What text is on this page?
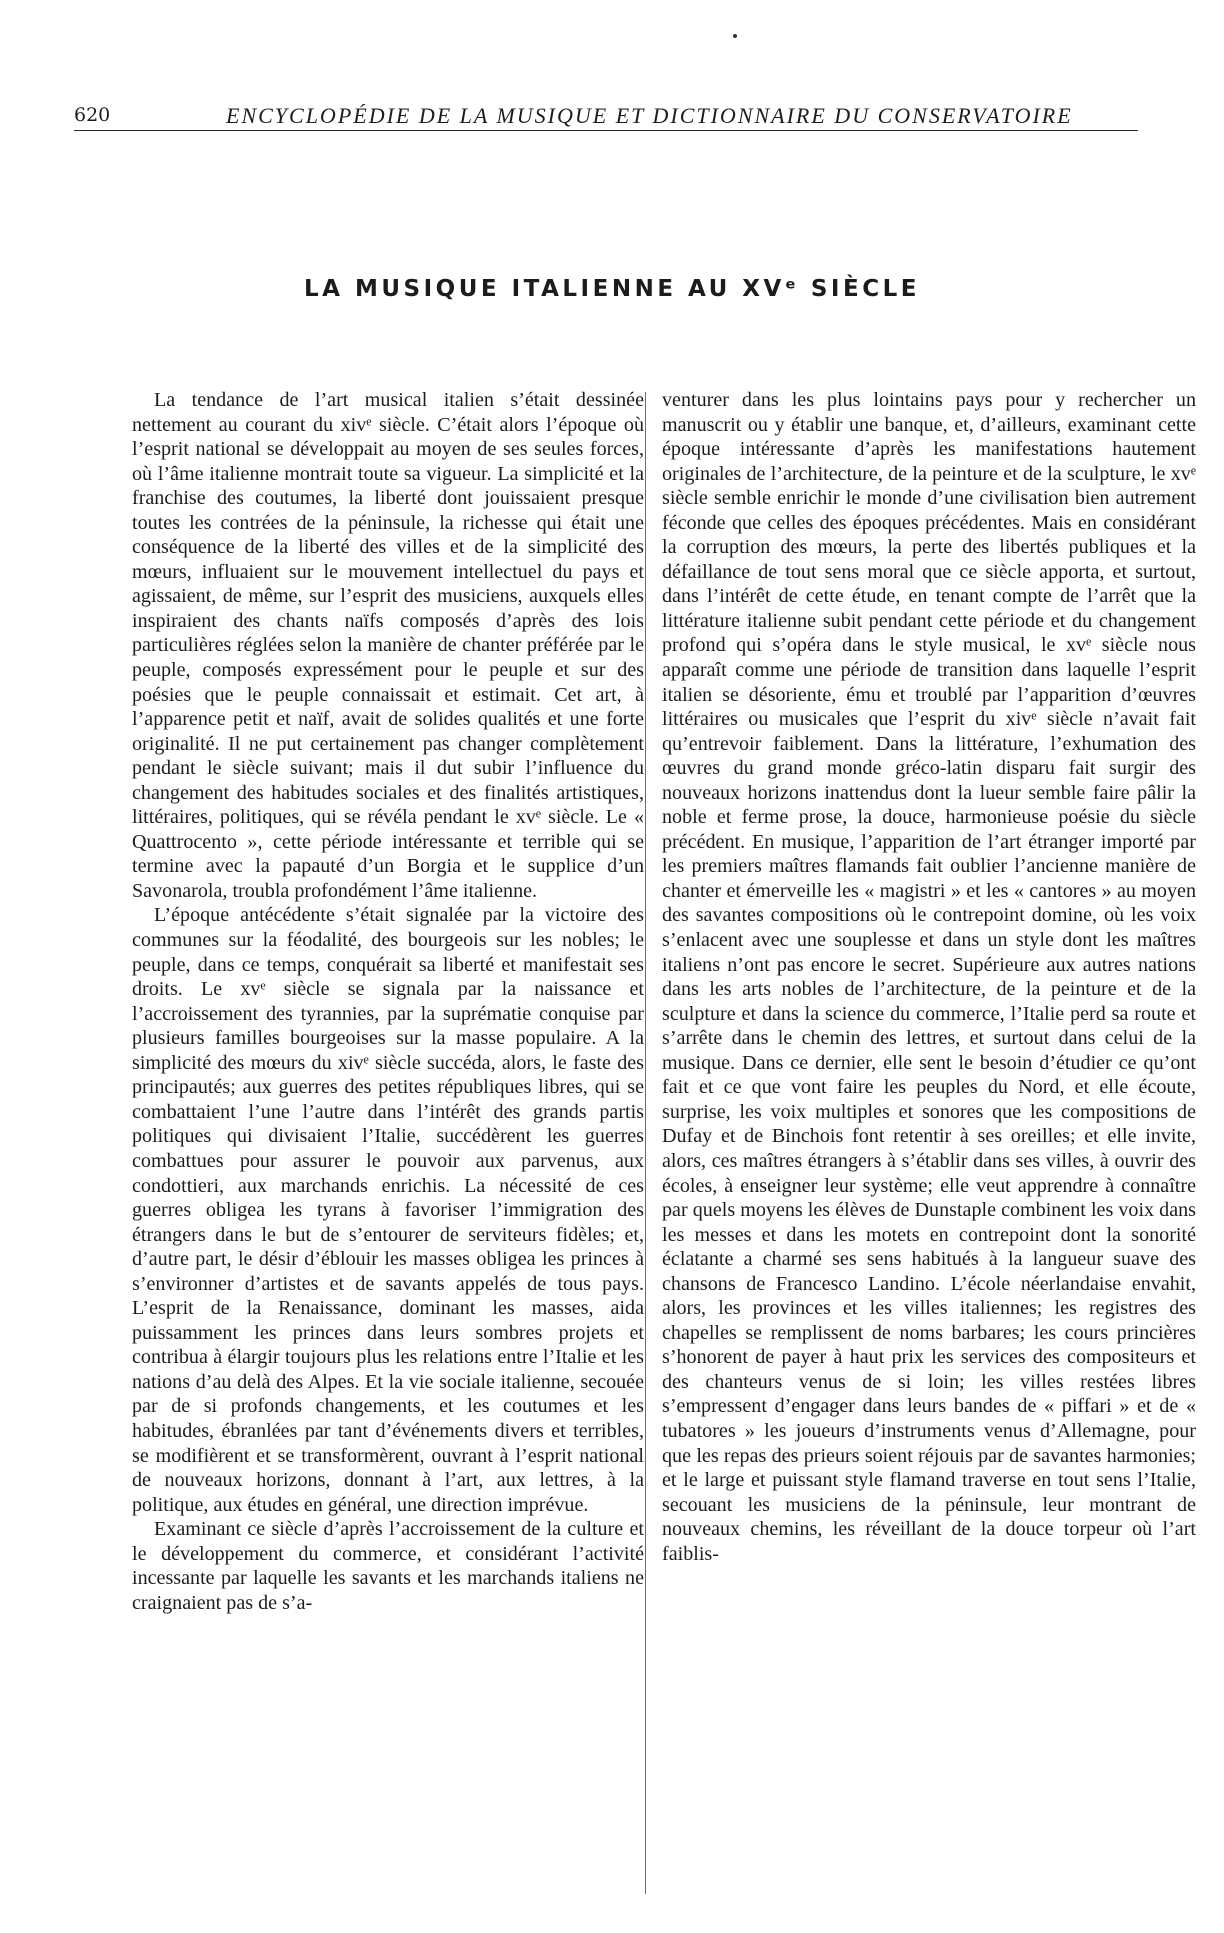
620	ENCYCLOPÉDIE DE LA MUSIQUE ET DICTIONNAIRE DU CONSERVATOIRE
LA MUSIQUE ITALIENNE AU XVᵉ SIÈCLE

La tendance de l’art musical italien s’était dessinée nettement au courant du xivᵉ siècle. C’était alors l’époque où l’esprit national se développait au moyen de ses seules forces, où l’âme italienne montrait toute sa vigueur. La simplicité et la franchise des coutumes, la liberté dont jouissaient presque toutes les contrées de la péninsule, la richesse qui était une conséquence de la liberté des villes et de la simplicité des mœurs, influaient sur le mouvement intellectuel du pays et agissaient, de même, sur l’esprit des musiciens, auxquels elles inspiraient des chants naïfs composés d’après des lois particulières réglées selon la manière de chanter préférée par le peuple, composés expressément pour le peuple et sur des poésies que le peuple connaissait et estimait. Cet art, à l’apparence petit et naïf, avait de solides qualités et une forte originalité. Il ne put certainement pas changer complètement pendant le siècle suivant; mais il dut subir l’influence du changement des habitudes sociales et des finalités artistiques, littéraires, politiques, qui se révéla pendant le xvᵉ siècle. Le « Quattrocento », cette période intéressante et terrible qui se termine avec la papauté d’un Borgia et le supplice d’un Savonarola, troubla profondément l’âme italienne.

L’époque antécédente s’était signalée par la victoire des communes sur la féodalité, des bourgeois sur les nobles; le peuple, dans ce temps, conquérait sa liberté et manifestait ses droits. Le xvᵉ siècle se signala par la naissance et l’accroissement des tyrannies, par la suprématie conquise par plusieurs familles bourgeoises sur la masse populaire. A la simplicité des mœurs du xivᵉ siècle succéda, alors, le faste des principautés; aux guerres des petites républiques libres, qui se combattaient l’une l’autre dans l’intérêt des grands partis politiques qui divisaient l’Italie, succédèrent les guerres combattues pour assurer le pouvoir aux parvenus, aux condottieri, aux marchands enrichis. La nécessité de ces guerres obligea les tyrans à favoriser l’immigration des étrangers dans le but de s’entourer de serviteurs fidèles; et, d’autre part, le désir d’éblouir les masses obligea les princes à s’environner d’artistes et de savants appelés de tous pays. L’esprit de la Renaissance, dominant les masses, aida puissamment les princes dans leurs sombres projets et contribua à élargir toujours plus les relations entre l’Italie et les nations d’au delà des Alpes. Et la vie sociale italienne, secouée par de si profonds changements, et les coutumes et les habitudes, ébranlées par tant d’événements divers et terribles, se modifièrent et se transformèrent, ouvrant à l’esprit national de nouveaux horizons, donnant à l’art, aux lettres, à la politique, aux études en général, une direction imprévue.

Examinant ce siècle d’après l’accroissement de la culture et le développement du commerce, et considérant l’activité incessante par laquelle les savants et les marchands italiens ne craignaient pas de s’a-

venturer dans les plus lointains pays pour y rechercher un manuscrit ou y établir une banque, et, d’ailleurs, examinant cette époque intéressante d’après les manifestations hautement originales de l’architecture, de la peinture et de la sculpture, le xvᵉ siècle semble enrichir le monde d’une civilisation bien autrement féconde que celles des époques précédentes. Mais en considérant la corruption des mœurs, la perte des libertés publiques et la défaillance de tout sens moral que ce siècle apporta, et surtout, dans l’intérêt de cette étude, en tenant compte de l’arrêt que la littérature italienne subit pendant cette période et du changement profond qui s’opéra dans le style musical, le xvᵉ siècle nous apparaît comme une période de transition dans laquelle l’esprit italien se désoriente, ému et troublé par l’apparition d’œuvres littéraires ou musicales que l’esprit du xivᵉ siècle n’avait fait qu’entrevoir faiblement. Dans la littérature, l’exhumation des œuvres du grand monde gréco-latin disparu fait surgir des nouveaux horizons inattendus dont la lueur semble faire pâlir la noble et ferme prose, la douce, harmonieuse poésie du siècle précédent. En musique, l’apparition de l’art étranger importé par les premiers maîtres flamands fait oublier l’ancienne manière de chanter et émerveille les « magistri » et les « cantores » au moyen des savantes compositions où le contrepoint domine, où les voix s’enlacent avec une souplesse et dans un style dont les maîtres italiens n’ont pas encore le secret. Supérieure aux autres nations dans les arts nobles de l’architecture, de la peinture et de la sculpture et dans la science du commerce, l’Italie perd sa route et s’arrête dans le chemin des lettres, et surtout dans celui de la musique. Dans ce dernier, elle sent le besoin d’étudier ce qu’ont fait et ce que vont faire les peuples du Nord, et elle écoute, surprise, les voix multiples et sonores que les compositions de Dufay et de Binchois font retentir à ses oreilles; et elle invite, alors, ces maîtres étrangers à s’établir dans ses villes, à ouvrir des écoles, à enseigner leur système; elle veut apprendre à connaître par quels moyens les élèves de Dunstaple combinent les voix dans les messes et dans les motets en contrepoint dont la sonorité éclatante a charmé ses sens habitués à la langueur suave des chansons de Francesco Landino. L’école néerlandaise envahit, alors, les provinces et les villes italiennes; les registres des chapelles se remplissent de noms barbares; les cours princières s’honorent de payer à haut prix les services des compositeurs et des chanteurs venus de si loin; les villes restées libres s’empressent d’engager dans leurs bandes de « piffari » et de « tubatores » les joueurs d’instruments venus d’Allemagne, pour que les repas des prieurs soient réjouis par de savantes harmonies; et le large et puissant style flamand traverse en tout sens l’Italie, secouant les musiciens de la péninsule, leur montrant de nouveaux chemins, les réveillant de la douce torpeur où l’art faiblis-
